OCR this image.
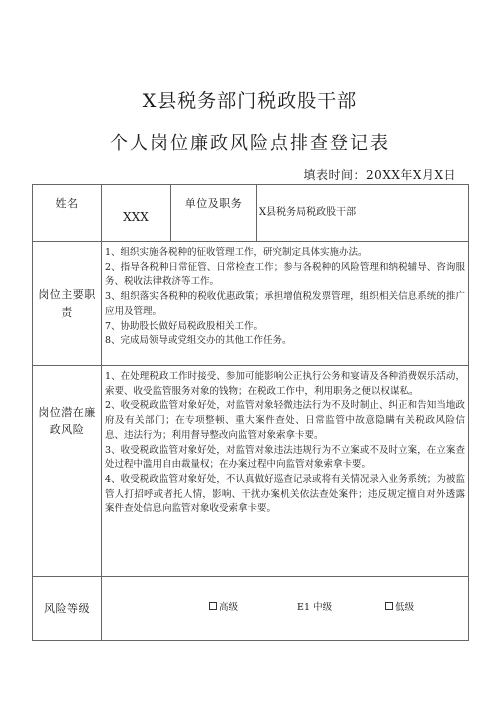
X县税务部门税政股干部
个人岗位廉政风险点排查登记表
填表时间：20XX年X月X日
姓名	XXX	单位及职务	X县税务局税政股干部
岗位主要职责	1、组织实施各税种的征收管理工作，研究制定具体实施办法。

2、指导各税种日常征管、日常检查工作；参与各税种的风险管理和纳税辅导、咨询服务、税收法律救济等工作。

3、组织落实各税种的税收优惠政策；承担增值税发票管理，组织相关信息系统的推广应用及管理。

7、协助股长做好局税政股相关工作。

8、完成局领导或党组交办的其他工作任务。		

岗位潜在廉政风险	1、在处理税政工作时接受、参加可能影响公正执行公务和宴请及各种消费娱乐活动，索要、收受监管服务对象的钱物；在税政工作中，利用职务之便以权谋私。

2、收受税政监管对象好处，对监管对象轻微违法行为不及时制止、纠正和告知当地政府及有关部门；在专项整顿、重大案件查处、日常监管中故意隐瞒有关税政风险信息、违法行为；利用督导整改向监管对象索拿卡要。

3、收受税政监管对象好处，对监管对象违法违规行为不立案或不及时立案，在立案查处过程中滥用自由裁量权；在办案过程中向监管对象索拿卡要。

4、收受税政监管对象好处，不认真做好巡查记录或将有关情况录入业务系统；为被监管人打招呼或者托人情，影响、干扰办案机关依法查处案件；违反规定擅自对外透露案件查处信息向监管对象收受索拿卡要。		

风险等级	高级 E1 中级 低级		
